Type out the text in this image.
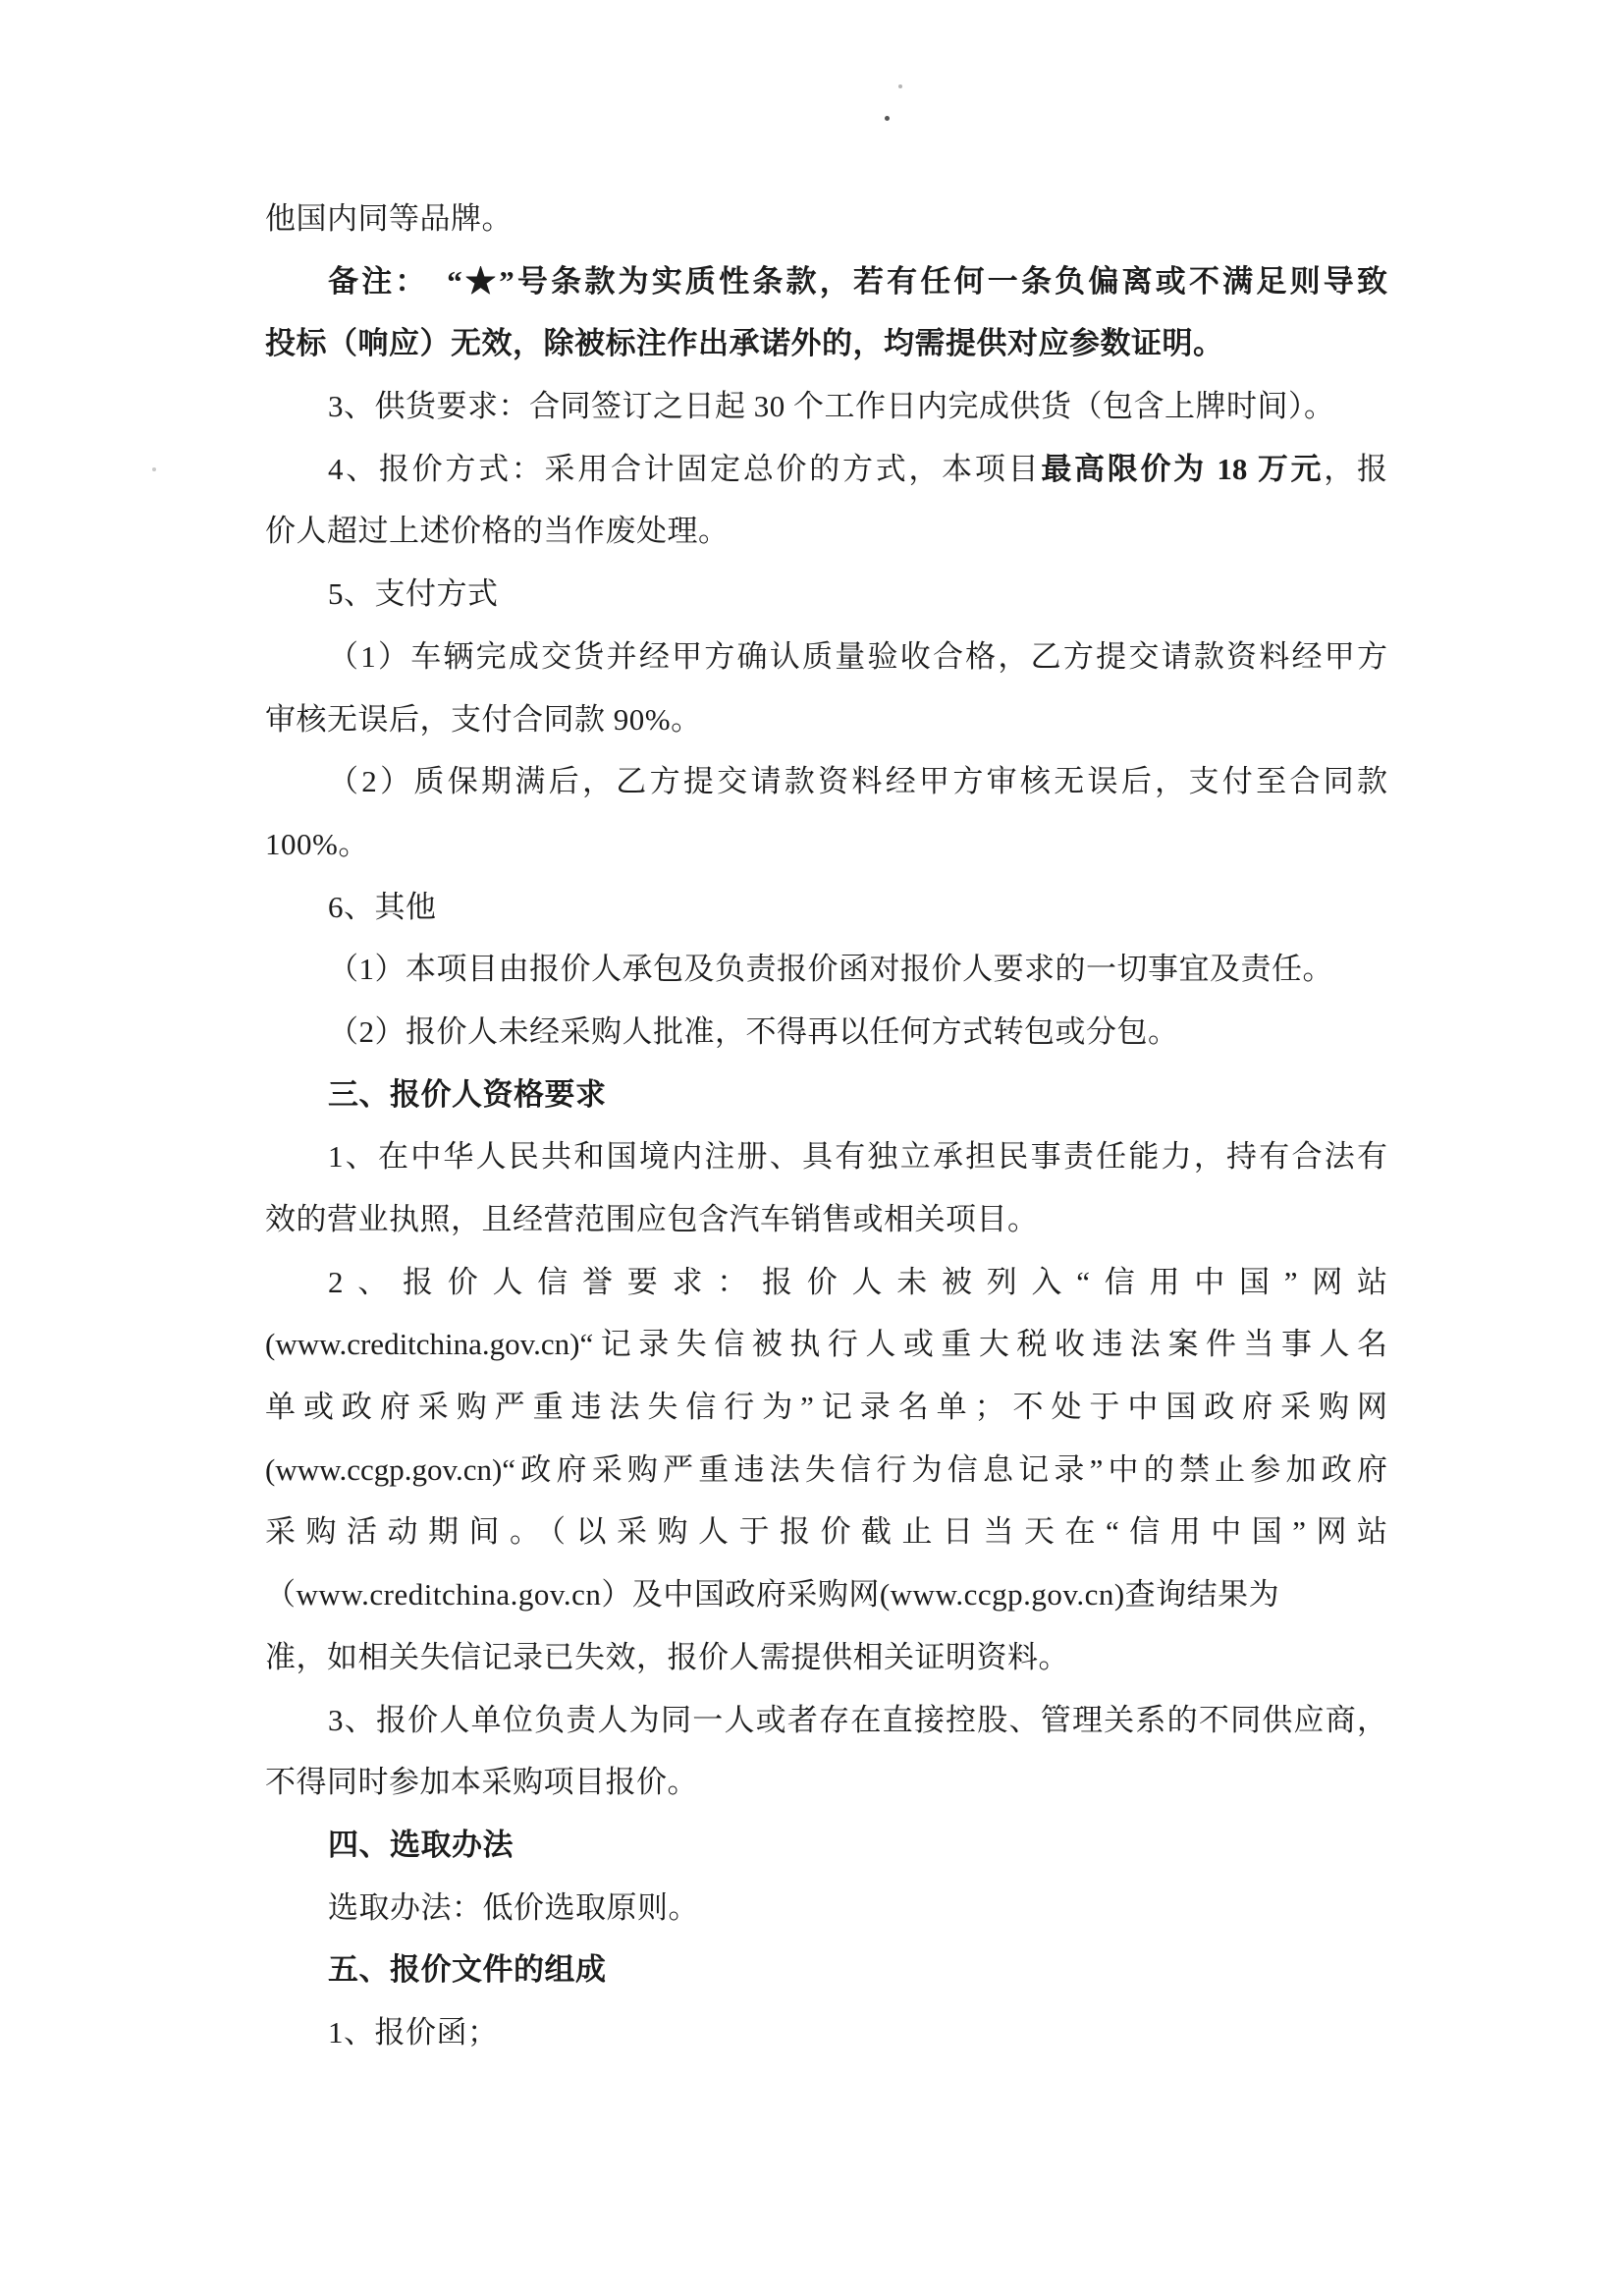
他国内同等品牌。
备注：　“★”号条款为实质性条款，若有任何一条负偏离或不满足则导致
投标（响应）无效，除被标注作出承诺外的，均需提供对应参数证明。
3、供货要求：合同签订之日起 30 个工作日内完成供货（包含上牌时间）。
4、报价方式：采用合计固定总价的方式，本项目最高限价为 18 万元，报
价人超过上述价格的当作废处理。
5、支付方式
（1）车辆完成交货并经甲方确认质量验收合格，乙方提交请款资料经甲方
审核无误后，支付合同款 90%。
（2）质保期满后，乙方提交请款资料经甲方审核无误后，支付至合同款
100%。
6、其他
（1）本项目由报价人承包及负责报价函对报价人要求的一切事宜及责任。
（2）报价人未经采购人批准，不得再以任何方式转包或分包。
三、报价人资格要求
1、在中华人民共和国境内注册、具有独立承担民事责任能力，持有合法有
效的营业执照，且经营范围应包含汽车销售或相关项目。
2、报价人信誉要求：报价人未被列入“信用中国”网站
(www.creditchina.gov.cn)“记录失信被执行人或重大税收违法案件当事人名
单或政府采购严重违法失信行为”记录名单；不处于中国政府采购网
(www.ccgp.gov.cn)“政府采购严重违法失信行为信息记录”中的禁止参加政府
采购活动期间。（以采购人于报价截止日当天在“信用中国”网站
（www.creditchina.gov.cn）及中国政府采购网(www.ccgp.gov.cn)查询结果为
准，如相关失信记录已失效，报价人需提供相关证明资料。
3、报价人单位负责人为同一人或者存在直接控股、管理关系的不同供应商，
不得同时参加本采购项目报价。
四、选取办法
选取办法：低价选取原则。
五、报价文件的组成
1、报价函；
